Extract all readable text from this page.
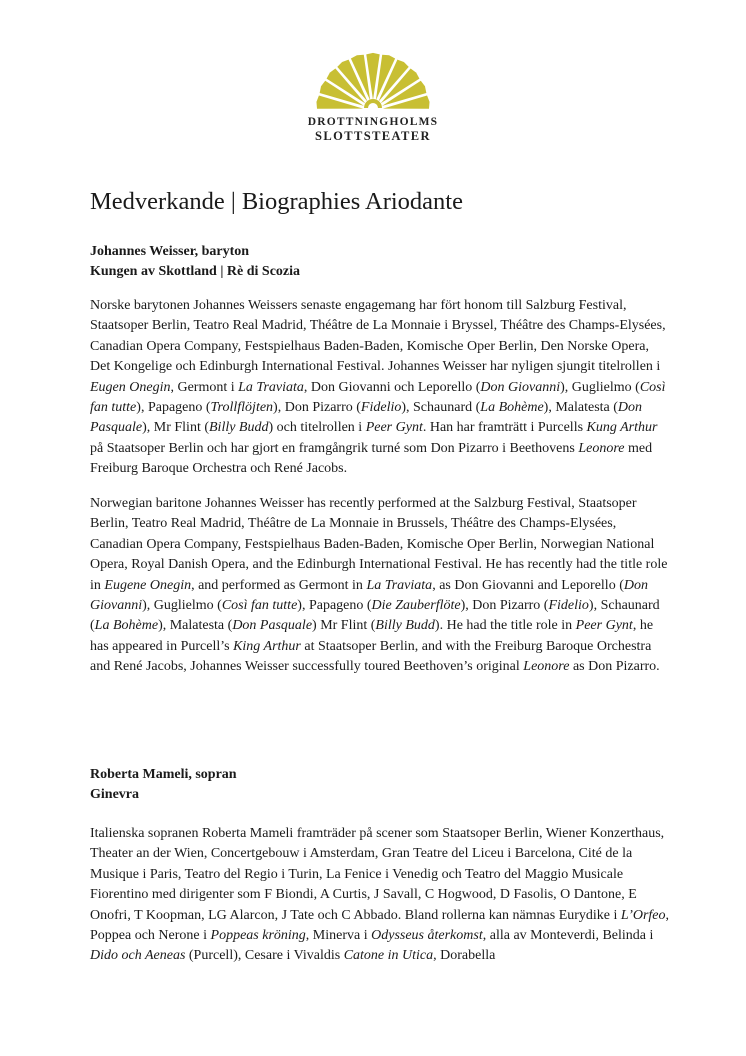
DROTTNINGHOLMS
SLOTTSTEATER
Medverkande | Biographies Ariodante
Johannes Weisser, baryton
Kungen av Skottland | Rè di Scozia

Norske barytonen Johannes Weissers senaste engagemang har fört honom till Salzburg Festival, Staatsoper Berlin, Teatro Real Madrid, Théâtre de La Monnaie i Bryssel, Théâtre des Champs-Elysées, Canadian Opera Company, Festspielhaus Baden-Baden, Komische Oper Berlin, Den Norske Opera, Det Kongelige och Edinburgh International Festival. Johannes Weisser har nyligen sjungit titelrollen i Eugen Onegin, Germont i La Traviata, Don Giovanni och Leporello (Don Giovanni), Guglielmo (Così fan tutte), Papageno (Trollflöjten), Don Pizarro (Fidelio), Schaunard (La Bohème), Malatesta (Don Pasquale), Mr Flint (Billy Budd) och titelrollen i Peer Gynt. Han har framträtt i Purcells Kung Arthur på Staatsoper Berlin och har gjort en framgångrik turné som Don Pizarro i Beethovens Leonore med Freiburg Baroque Orchestra och René Jacobs.

Norwegian baritone Johannes Weisser has recently performed at the Salzburg Festival, Staatsoper Berlin, Teatro Real Madrid, Théâtre de La Monnaie in Brussels, Théâtre des Champs-Elysées, Canadian Opera Company, Festspielhaus Baden-Baden, Komische Oper Berlin, Norwegian National Opera, Royal Danish Opera, and the Edinburgh International Festival. He has recently had the title role in Eugene Onegin, and performed as Germont in La Traviata, as Don Giovanni and Leporello (Don Giovanni), Guglielmo (Così fan tutte), Papageno (Die Zauberflöte), Don Pizarro (Fidelio), Schaunard (La Bohème), Malatesta (Don Pasquale) Mr Flint (Billy Budd). He had the title role in Peer Gynt, he has appeared in Purcell’s King Arthur at Staatsoper Berlin, and with the Freiburg Baroque Orchestra and René Jacobs, Johannes Weisser successfully toured Beethoven’s original Leonore as Don Pizarro.

Roberta Mameli, sopran
Ginevra

Italienska sopranen Roberta Mameli framträder på scener som Staatsoper Berlin, Wiener Konzerthaus, Theater an der Wien, Concertgebouw i Amsterdam, Gran Teatre del Liceu i Barcelona, Cité de la Musique i Paris, Teatro del Regio i Turin, La Fenice i Venedig och Teatro del Maggio Musicale Fiorentino med dirigenter som F Biondi, A Curtis, J Savall, C Hogwood, D Fasolis, O Dantone, E Onofri, T Koopman, LG Alarcon, J Tate och C Abbado. Bland rollerna kan nämnas Eurydike i L’Orfeo, Poppea och Nerone i Poppeas kröning, Minerva i Odysseus återkomst, alla av Monteverdi, Belinda i Dido och Aeneas (Purcell), Cesare i Vivaldis Catone in Utica, Dorabella
